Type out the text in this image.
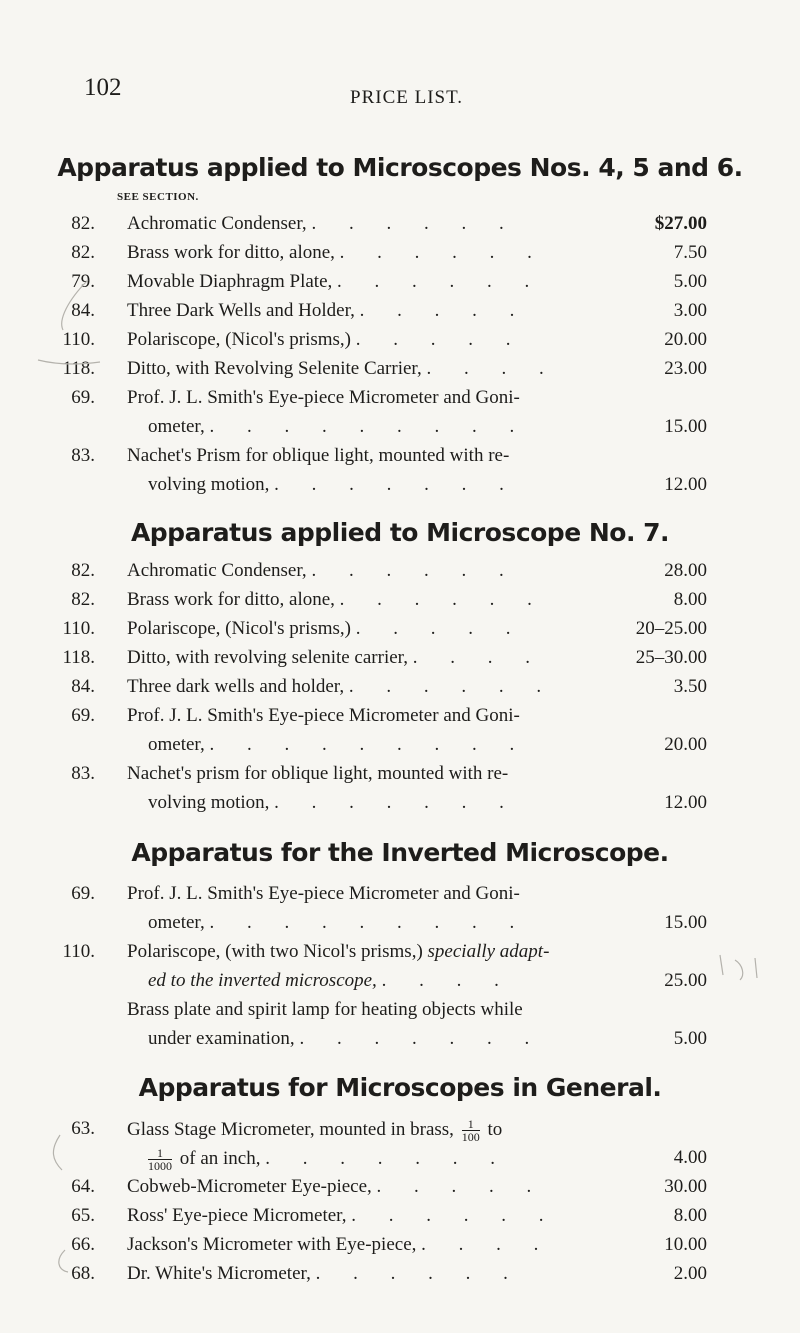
102	PRICE LIST.
Apparatus applied to Microscopes Nos. 4, 5 and 6.
SEE SECTION.
82. Achromatic Condenser, . . . . . .	$27.00
82. Brass work for ditto, alone, . . . . . .	7.50
79. Movable Diaphragm Plate, . . . . . .	5.00
84. Three Dark Wells and Holder, . . . . .	3.00
110. Polariscope, (Nicol's prisms,) . . . . .	20.00
118. Ditto, with Revolving Selenite Carrier, . . . .	23.00
69. Prof. J. L. Smith's Eye-piece Micrometer and Goni-
ometer, . . . . . . . . .	15.00
83. Nachet's Prism for oblique light, mounted with re-
volving motion, . . . . . . .	12.00
Apparatus applied to Microscope No. 7.
82. Achromatic Condenser, . . . . . .	28.00
82. Brass work for ditto, alone, . . . . . .	8.00
110. Polariscope, (Nicol's prisms,) . . . . .	20–25.00
118. Ditto, with revolving selenite carrier, . . . .	25–30.00
84. Three dark wells and holder, . . . . . .	3.50
69. Prof. J. L. Smith's Eye-piece Micrometer and Goni-
ometer, . . . . . . . . .	20.00
83. Nachet's prism for oblique light, mounted with re-
volving motion, . . . . . . .	12.00
Apparatus for the Inverted Microscope.
69. Prof. J. L. Smith's Eye-piece Micrometer and Goni-
ometer, . . . . . . . . .	15.00
110. Polariscope, (with two Nicol's prisms,) specially adapt-
ed to the inverted microscope, . . . .	25.00
Brass plate and spirit lamp for heating objects while
under examination, . . . . . . .	5.00
Apparatus for Microscopes in General.
63. Glass Stage Micrometer, mounted in brass, $\frac{1}{100}$ to
$\frac{1}{1000}$ of an inch, . . . . . . .	4.00
64. Cobweb-Micrometer Eye-piece, . . . . .	30.00
65. Ross' Eye-piece Micrometer, . . . . . .	8.00
66. Jackson's Micrometer with Eye-piece, . . . .	10.00
68. Dr. White's Micrometer, . . . . . .	2.00
